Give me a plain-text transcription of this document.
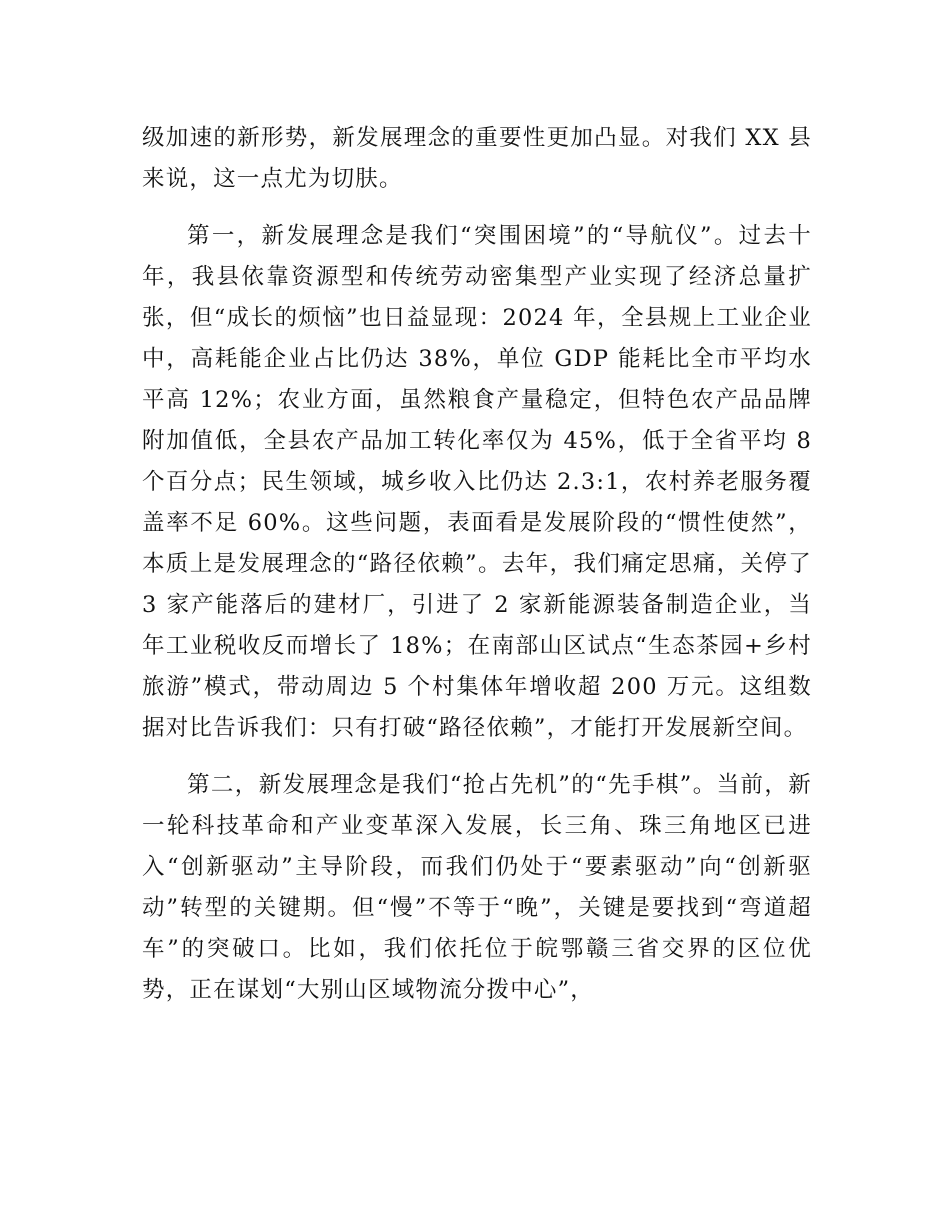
级加速的新形势，新发展理念的重要性更加凸显。对我们 XX 县来说，这一点尤为切肤。

第一，新发展理念是我们“突围困境”的“导航仪”。过去十年，我县依靠资源型和传统劳动密集型产业实现了经济总量扩张，但“成长的烦恼”也日益显现：2024 年，全县规上工业企业中，高耗能企业占比仍达 38%，单位 GDP 能耗比全市平均水平高 12%；农业方面，虽然粮食产量稳定，但特色农产品品牌附加值低，全县农产品加工转化率仅为 45%，低于全省平均 8 个百分点；民生领域，城乡收入比仍达 2.3:1，农村养老服务覆盖率不足 60%。这些问题，表面看是发展阶段的“惯性使然”，本质上是发展理念的“路径依赖”。去年，我们痛定思痛，关停了 3 家产能落后的建材厂，引进了 2 家新能源装备制造企业，当年工业税收反而增长了 18%；在南部山区试点“生态茶园+乡村旅游”模式，带动周边 5 个村集体年增收超 200 万元。这组数据对比告诉我们：只有打破“路径依赖”，才能打开发展新空间。

第二，新发展理念是我们“抢占先机”的“先手棋”。当前，新一轮科技革命和产业变革深入发展，长三角、珠三角地区已进入“创新驱动”主导阶段，而我们仍处于“要素驱动”向“创新驱动”转型的关键期。但“慢”不等于“晚”，关键是要找到“弯道超车”的突破口。比如，我们依托位于皖鄂赣三省交界的区位优势，正在谋划“大别山区域物流分拨中心”，
